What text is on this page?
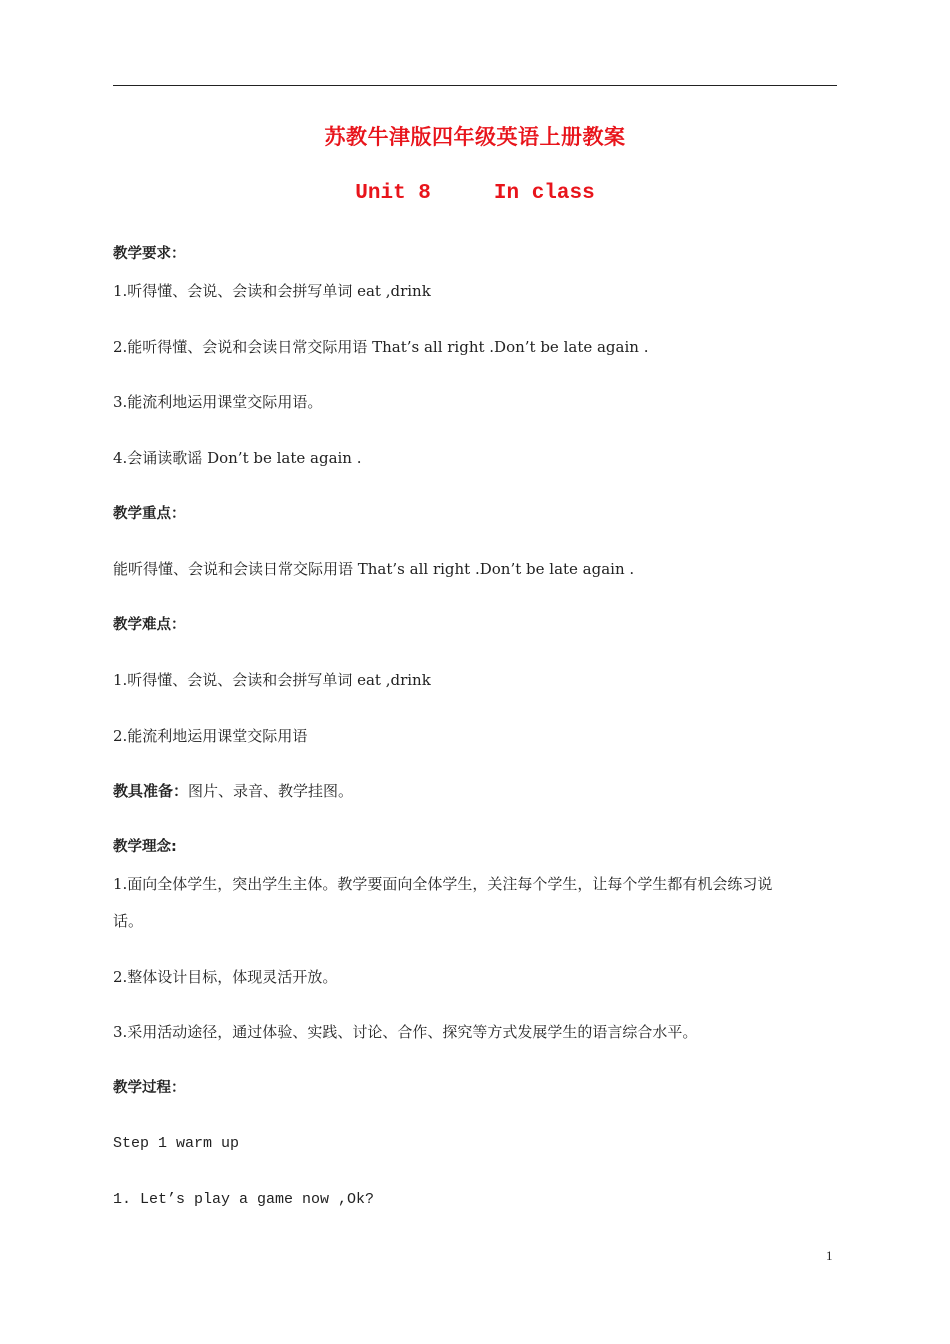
苏教牛津版四年级英语上册教案
Unit 8     In class
教学要求：
1.听得懂、会说、会读和会拼写单词 eat ,drink
2.能听得懂、会说和会读日常交际用语 That’s all right .Don’t be late again .
3.能流利地运用课堂交际用语。
4.会诵读歌谣 Don’t be late again .
教学重点：
能听得懂、会说和会读日常交际用语 That’s all right .Don’t be late again .
教学难点：
1.听得懂、会说、会读和会拼写单词 eat ,drink
2.能流利地运用课堂交际用语
教具准备：图片、录音、教学挂图。
教学理念:
1.面向全体学生，突出学生主体。教学要面向全体学生，关注每个学生，让每个学生都有机会练习说
话。
2.整体设计目标，体现灵活开放。
3.采用活动途径，通过体验、实践、讨论、合作、探究等方式发展学生的语言综合水平。
教学过程：
Step 1 warm up
1. Let’s play a game now ,Ok?
1
